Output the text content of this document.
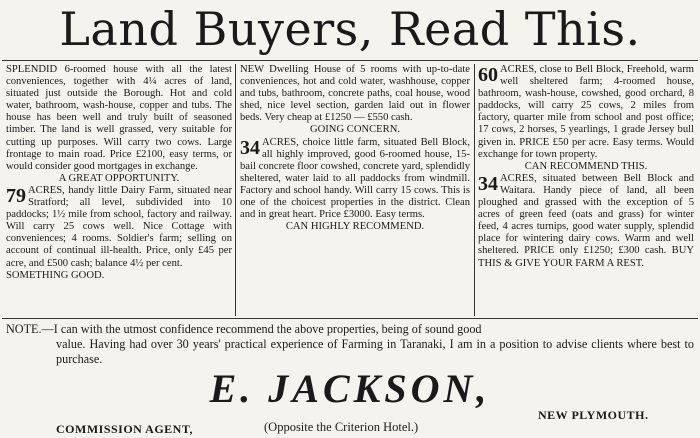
Land Buyers, Read This.

SPLENDID 6-roomed house with all the latest conveniences, together with 4¼ acres of land, situated just outside the Borough. Hot and cold water, bathroom, wash-house, copper and tubs. The house has been well and truly built of seasoned timber. The land is well grassed, very suitable for cutting up purposes. Will carry two cows. Large frontage to main road. Price £2100, easy terms, or would consider good mortgages in exchange.

A GREAT OPPORTUNITY.

79 ACRES, handy little Dairy Farm, situated near Stratford; all level, subdivided into 10 paddocks; 1½ mile from school, factory and railway. Will carry 25 cows well. Nice Cottage with conveniences; 4 rooms. Soldier's farm; selling on account of continual ill-health. Price, only £45 per acre, and £500 cash; balance 4½ per cent.

SOMETHING GOOD.

NEW Dwelling House of 5 rooms with up-to-date conveniences, hot and cold water, washhouse, copper and tubs, bathroom, concrete paths, coal house, wood shed, nice level section, garden laid out in flower beds. Very cheap at £1250 — £550 cash.

GOING CONCERN.

34 ACRES, choice little farm, situated Bell Block, all highly improved, good 6-roomed house, 15-bail concrete floor cowshed, concrete yard, splendidly sheltered, water laid to all paddocks from windmill. Factory and school handy. Will carry 15 cows. This is one of the choicest properties in the district. Clean and in great heart. Price £3000. Easy terms.

CAN HIGHLY RECOMMEND.

60 ACRES, close to Bell Block, Freehold, warm well sheltered farm; 4-roomed house, bathroom, wash-house, cowshed, good orchard, 8 paddocks, will carry 25 cows, 2 miles from factory, quarter mile from school and post office; 17 cows, 2 horses, 5 yearlings, 1 grade Jersey bull given in. PRICE £50 per acre. Easy terms. Would exchange for town property.

CAN RECOMMEND THIS.

34 ACRES, situated between Bell Block and Waitara. Handy piece of land, all been ploughed and grassed with the exception of 5 acres of green feed (oats and grass) for winter feed, 4 acres turnips, good water supply, splendid place for wintering dairy cows. Warm and well sheltered. PRICE only £1250; £300 cash. BUY THIS & GIVE YOUR FARM A REST.

NOTE.—I can with the utmost confidence recommend the above properties, being of sound good
value. Having had over 30 years' practical experience of Farming in Taranaki, I am in a position to advise clients where best to purchase.
E. JACKSON,
COMMISSION AGENT,	(Opposite the Criterion Hotel.)
NEW PLYMOUTH.
